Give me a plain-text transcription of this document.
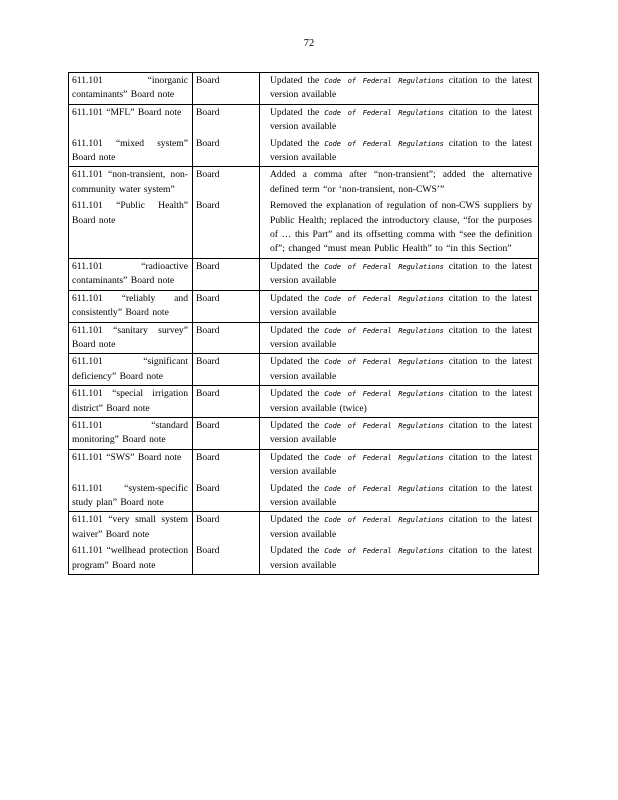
72
611.101 “inorganic contaminants” Board note	Board	Updated the Code of Federal Regulations citation to the latest version available
611.101 “MFL” Board note	Board	Updated the Code of Federal Regulations citation to the latest version available
611.101 “mixed system” Board note	Board	Updated the Code of Federal Regulations citation to the latest version available
611.101 “non-transient, non-community water system”	Board	Added a comma after “non-transient”; added the alternative defined term “or ‘non-transient, non-CWS’”
611.101 “Public Health” Board note	Board	Removed the explanation of regulation of non-CWS suppliers by Public Health; replaced the introductory clause, “for the purposes of … this Part” and its offsetting comma with “see the definition of”; changed “must mean Public Health” to “in this Section”
611.101 “radioactive contaminants” Board note	Board	Updated the Code of Federal Regulations citation to the latest version available
611.101 “reliably and consistently” Board note	Board	Updated the Code of Federal Regulations citation to the latest version available
611.101 “sanitary survey” Board note	Board	Updated the Code of Federal Regulations citation to the latest version available
611.101 “significant deficiency” Board note	Board	Updated the Code of Federal Regulations citation to the latest version available
611.101 “special irrigation district” Board note	Board	Updated the Code of Federal Regulations citation to the latest version available (twice)
611.101 “standard monitoring” Board note	Board	Updated the Code of Federal Regulations citation to the latest version available
611.101 “SWS” Board note	Board	Updated the Code of Federal Regulations citation to the latest version available
611.101 “system-specific study plan” Board note	Board	Updated the Code of Federal Regulations citation to the latest version available
611.101 “very small system waiver” Board note	Board	Updated the Code of Federal Regulations citation to the latest version available
611.101 “wellhead protection program” Board note	Board	Updated the Code of Federal Regulations citation to the latest version available
